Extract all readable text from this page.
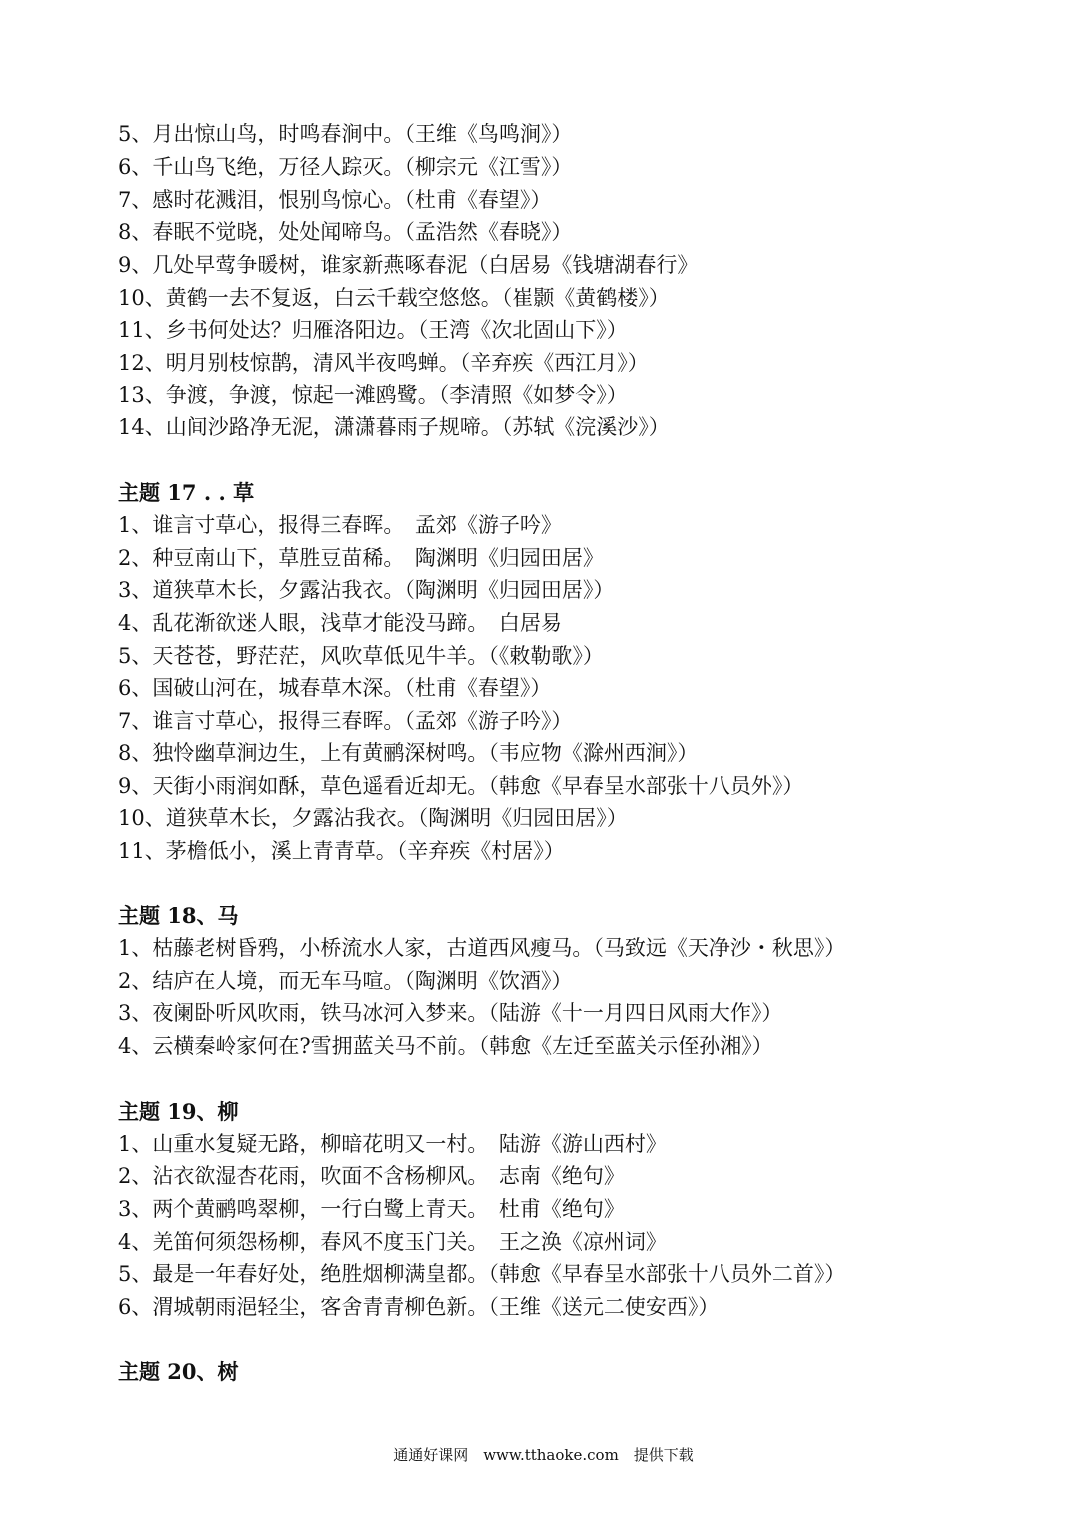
5、月出惊山鸟，时鸣春涧中。（王维《鸟鸣涧》）
6、千山鸟飞绝，万径人踪灭。（柳宗元《江雪》）
7、感时花溅泪，恨别鸟惊心。（杜甫《春望》）
8、春眠不觉晓，处处闻啼鸟。（孟浩然《春晓》）
9、几处早莺争暖树，谁家新燕啄春泥（白居易《钱塘湖春行》
10、黄鹤一去不复返，白云千载空悠悠。（崔颢《黄鹤楼》）
11、乡书何处达？归雁洛阳边。（王湾《次北固山下》）
12、明月别枝惊鹊，清风半夜鸣蝉。（辛弃疾《西江月》）
13、争渡，争渡，惊起一滩鸥鹭。（李清照《如梦令》）
14、山间沙路净无泥，潇潇暮雨子规啼。（苏轼《浣溪沙》）
主题 17 . . 草
1、谁言寸草心，报得三春晖。　孟郊《游子吟》
2、种豆南山下，草胜豆苗稀。　陶渊明《归园田居》
3、道狭草木长，夕露沾我衣。（陶渊明《归园田居》）
4、乱花渐欲迷人眼，浅草才能没马蹄。　白居易
5、天苍苍，野茫茫，风吹草低见牛羊。（《敕勒歌》）
6、国破山河在，城春草木深。（杜甫《春望》）
7、谁言寸草心，报得三春晖。（孟郊《游子吟》）
8、独怜幽草涧边生，上有黄鹂深树鸣。（韦应物《滁州西涧》）
9、天街小雨润如酥，草色遥看近却无。（韩愈《早春呈水部张十八员外》）
10、道狭草木长，夕露沾我衣。（陶渊明《归园田居》）
11、茅檐低小，溪上青青草。（辛弃疾《村居》）
主题 18、马
1、枯藤老树昏鸦，小桥流水人家，古道西风瘦马。（马致远《天净沙・秋思》）
2、结庐在人境，而无车马喧。（陶渊明《饮酒》）
3、夜阑卧听风吹雨，铁马冰河入梦来。（陆游《十一月四日风雨大作》）
4、云横秦岭家何在?雪拥蓝关马不前。（韩愈《左迁至蓝关示侄孙湘》）
主题 19、柳
1、山重水复疑无路，柳暗花明又一村。　陆游《游山西村》
2、沾衣欲湿杏花雨，吹面不含杨柳风。　志南《绝句》
3、两个黄鹂鸣翠柳，一行白鹭上青天。　杜甫《绝句》
4、羌笛何须怨杨柳，春风不度玉门关。　王之涣《凉州词》
5、最是一年春好处，绝胜烟柳满皇都。（韩愈《早春呈水部张十八员外二首》）
6、渭城朝雨浥轻尘，客舍青青柳色新。（王维《送元二使安西》）
主题 20、树
通通好课网　www.tthaoke.com　提供下载
